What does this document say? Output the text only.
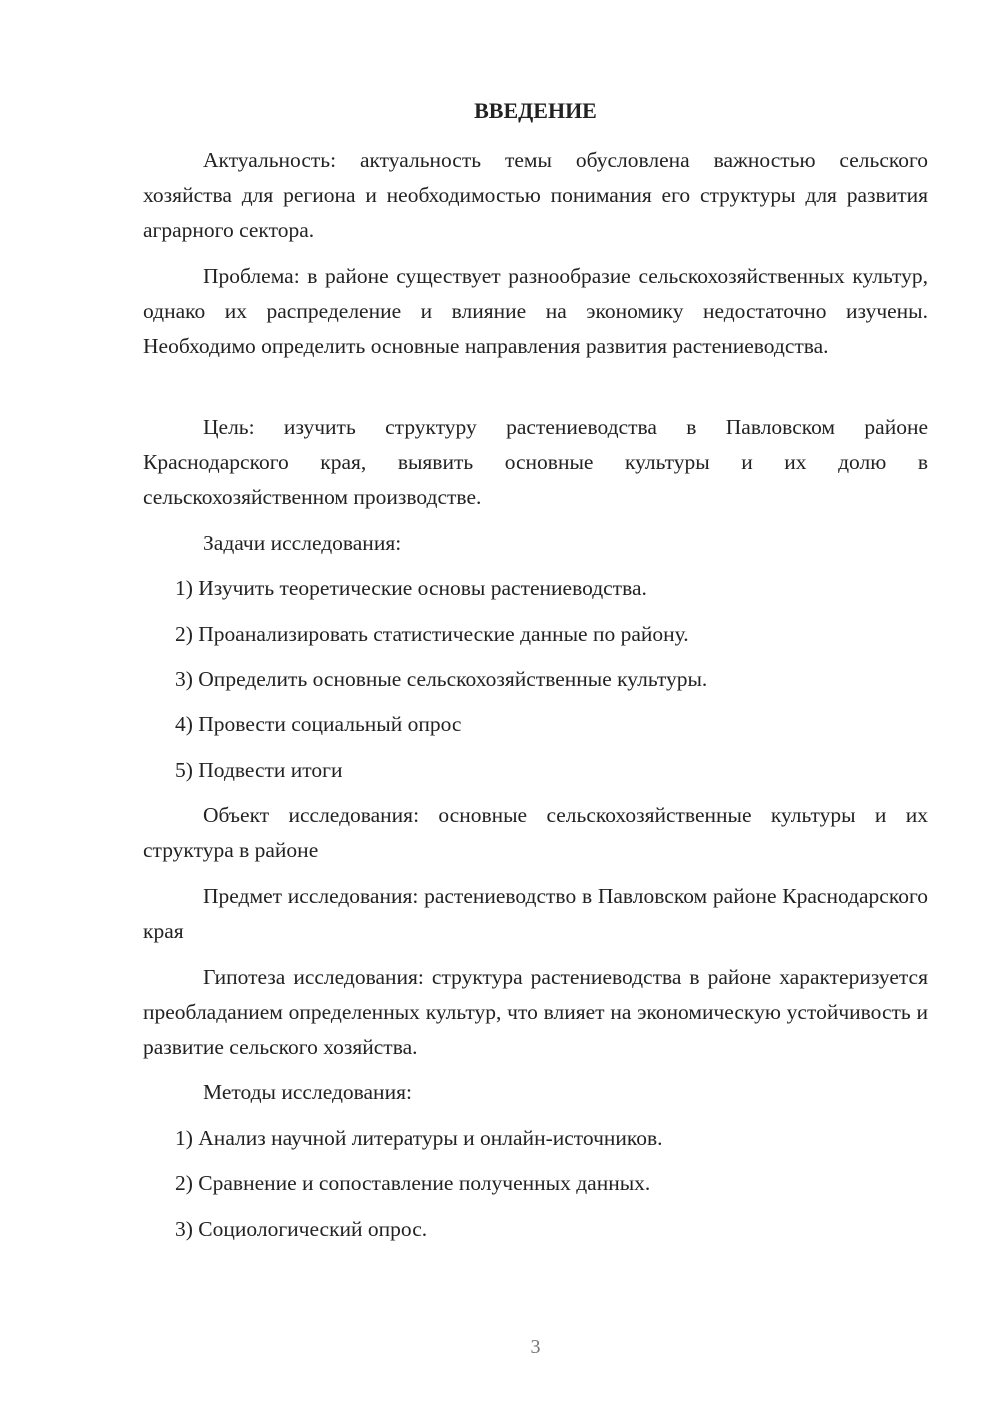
ВВЕДЕНИЕ

Актуальность: актуальность темы обусловлена важностью сельского хозяйства для региона и необходимостью понимания его структуры для развития аграрного сектора.

Проблема: в районе существует разнообразие сельскохозяйственных культур, однако их распределение и влияние на экономику недостаточно изучены. Необходимо определить основные направления развития растениеводства.

Цель: изучить структуру растениеводства в Павловском районе Краснодарского края, выявить основные культуры и их долю в сельскохозяйственном производстве.

Задачи исследования:

1) Изучить теоретические основы растениеводства.

2) Проанализировать статистические данные по району.

3) Определить основные сельскохозяйственные культуры.

4) Провести социальный опрос

5) Подвести итоги

Объект исследования: основные сельскохозяйственные культуры и их структура в районе

Предмет исследования: растениеводство в Павловском районе Краснодарского края

Гипотеза исследования: структура растениеводства в районе характеризуется преобладанием определенных культур, что влияет на экономическую устойчивость и развитие сельского хозяйства.

Методы исследования:

1) Анализ научной литературы и онлайн-источников.

2) Сравнение и сопоставление полученных данных.

3) Социологический опрос.

3
